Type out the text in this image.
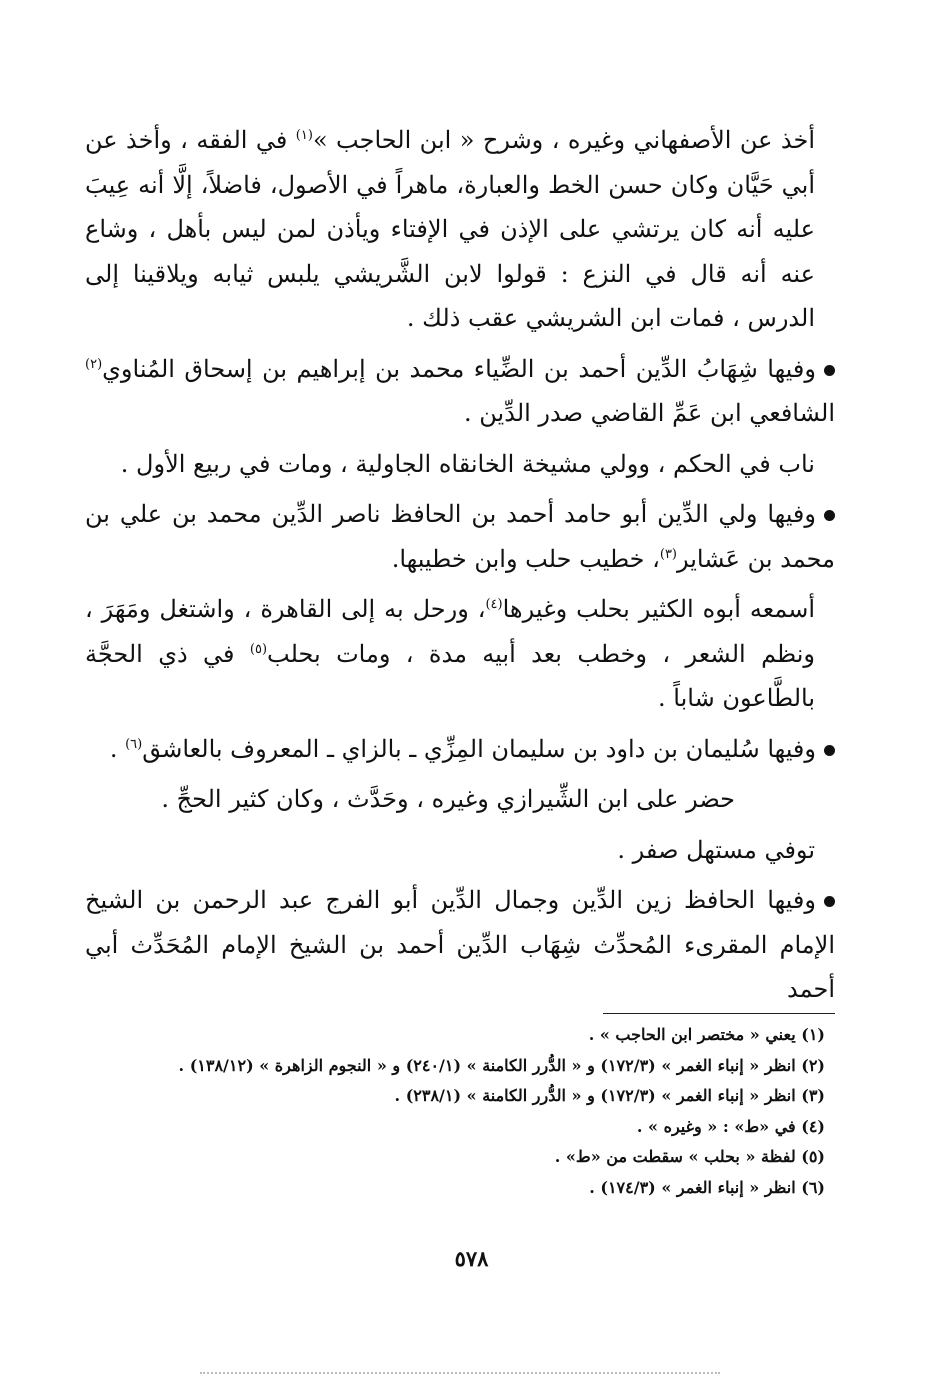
أخذ عن الأصفهاني وغيره ، وشرح « ابن الحاجب »$^{(١)}$ في الفقه ، وأخذ عن أبي حَيَّان وكان حسن الخط والعبارة، ماهراً في الأصول، فاضلاً، إلَّا أنه عِيبَ عليه أنه كان يرتشي على الإذن في الإفتاء ويأذن لمن ليس بأهل ، وشاع عنه أنه قال في النزع : قولوا لابن الشَّريشي يلبس ثيابه ويلاقينا إلى الدرس ، فمات ابن الشريشي عقب ذلك .

وفيها شِهَابُ الدِّين أحمد بن الضِّياء محمد بن إبراهيم بن إسحاق المُناوي$^{(٢)}$ الشافعي ابن عَمِّ القاضي صدر الدِّين .

ناب في الحكم ، وولي مشيخة الخانقاه الجاولية ، ومات في ربيع الأول .

وفيها ولي الدِّين أبو حامد أحمد بن الحافظ ناصر الدِّين محمد بن علي بن محمد بن عَشاير$^{(٣)}$، خطيب حلب وابن خطيبها.

أسمعه أبوه الكثير بحلب وغيرها$^{(٤)}$، ورحل به إلى القاهرة ، واشتغل ومَهَرَ ، ونظم الشعر ، وخطب بعد أبيه مدة ، ومات بحلب$^{(٥)}$ في ذي الحجَّة بالطَّاعون شاباً .

وفيها سُليمان بن داود بن سليمان المِزِّي ـ بالزاي ـ المعروف بالعاشق$^{(٦)}$ .

حضر على ابن الشِّيرازي وغيره ، وحَدَّث ، وكان كثير الحجِّ .

توفي مستهل صفر .

وفيها الحافظ زين الدِّين وجمال الدِّين أبو الفرج عبد الرحمن بن الشيخ الإمام المقرىء المُحدِّث شِهَاب الدِّين أحمد بن الشيخ الإمام المُحَدِّث أبي أحمد

(١) يعني « مختصر ابن الحاجب » .

(٢) انظر « إنباء الغمر » (١٧٢/٣) و « الدُّرر الكامنة » (٢٤٠/١) و « النجوم الزاهرة » (١٣٨/١٢) .

(٣) انظر « إنباء الغمر » (١٧٢/٣) و « الدُّرر الكامنة » (٢٣٨/١) .

(٤) في «ط» : « وغيره » .

(٥) لفظة « بحلب » سقطت من «ط» .

(٦) انظر « إنباء الغمر » (١٧٤/٣) .

٥٧٨
